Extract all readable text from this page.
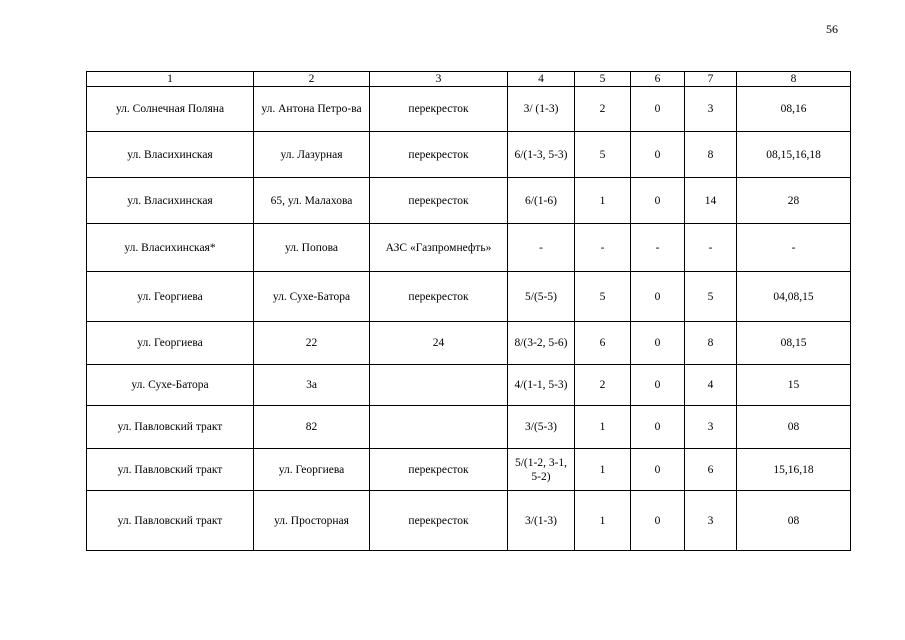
56
1	2	3	4	5	6	7	8
ул. Солнечная Поляна	ул. Антона Петро-ва	перекресток	3/ (1-3)	2	0	3	08,16
ул. Власихинская	ул. Лазурная	перекресток	6/(1-3, 5-3)	5	0	8	08,15,16,18
ул. Власихинская	65, ул. Малахова	перекресток	6/(1-6)	1	0	14	28
ул. Власихинская*	ул. Попова	АЗС «Газпромнефть»	-	-	-	-	-
ул. Георгиева	ул. Сухе-Батора	перекресток	5/(5-5)	5	0	5	04,08,15
ул. Георгиева	22	24	8/(3-2, 5-6)	6	0	8	08,15
ул. Сухе-Батора	3а		4/(1-1, 5-3)	2	0	4	15
ул. Павловский тракт	82		3/(5-3)	1	0	3	08
ул. Павловский тракт	ул. Георгиева	перекресток	5/(1-2, 3-1, 5-2)	1	0	6	15,16,18
ул. Павловский тракт	ул. Просторная	перекресток	3/(1-3)	1	0	3	08
